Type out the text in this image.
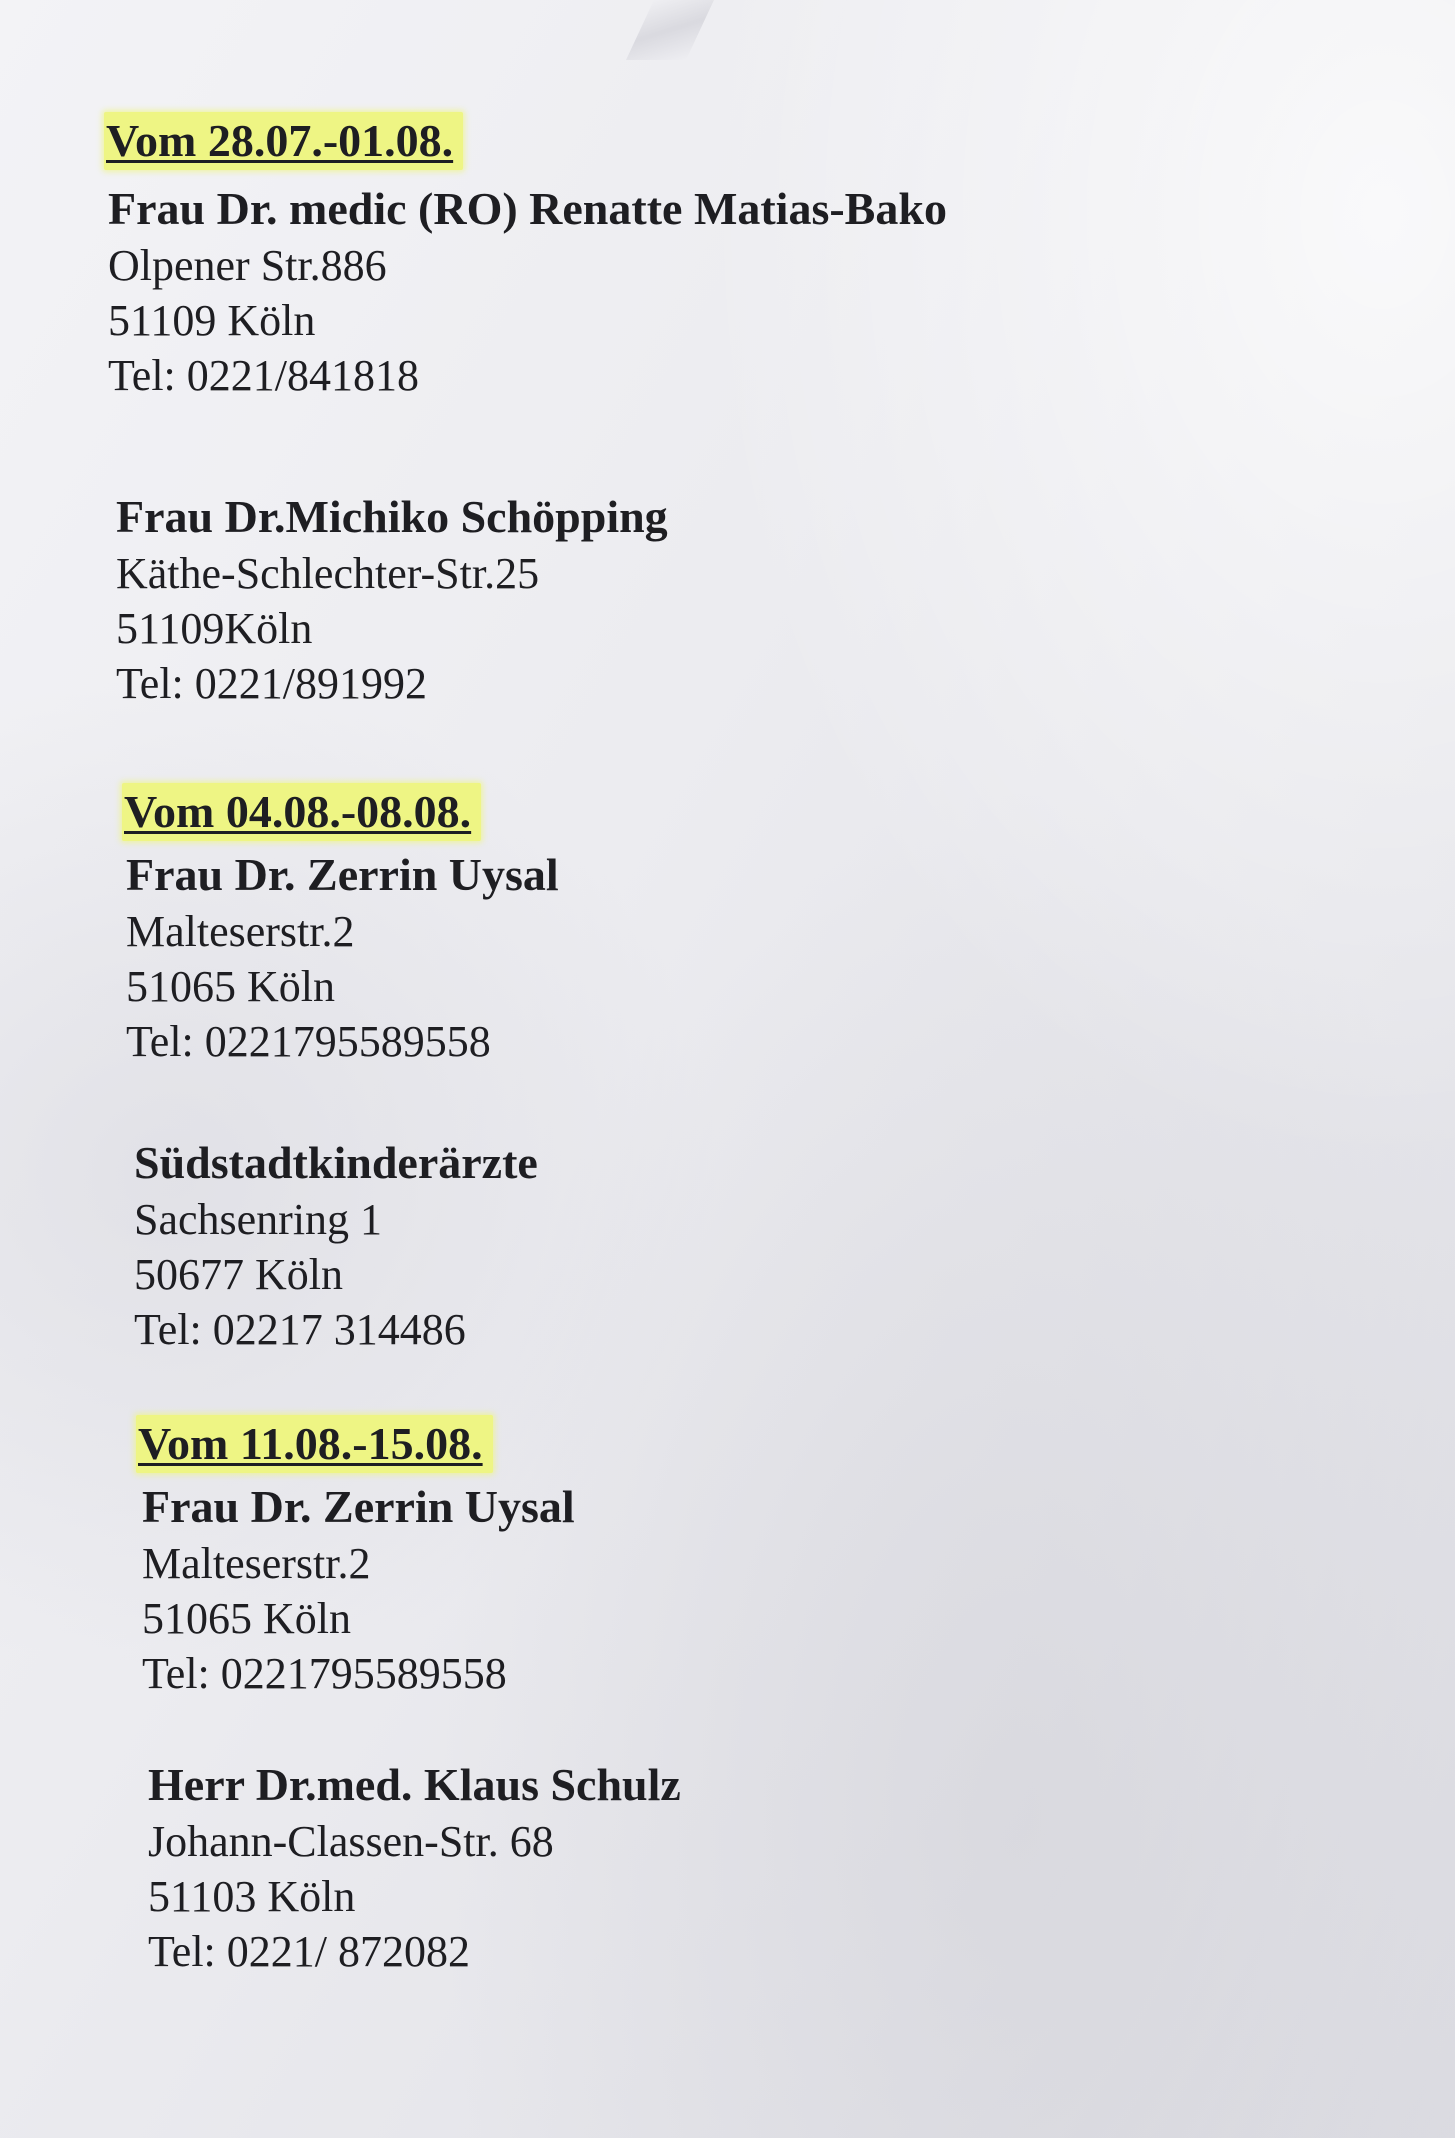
Vom 28.07.-01.08.
Frau Dr. medic (RO) Renatte Matias-Bako
Olpener Str.886
51109 Köln
Tel: 0221/841818
Frau Dr.Michiko Schöpping
Käthe-Schlechter-Str.25
51109Köln
Tel: 0221/891992
Vom 04.08.-08.08.
Frau Dr. Zerrin Uysal
Malteserstr.2
51065 Köln
Tel: 0221795589558
Südstadtkinderärzte
Sachsenring 1
50677 Köln
Tel: 02217 314486
Vom 11.08.-15.08.
Frau Dr. Zerrin Uysal
Malteserstr.2
51065 Köln
Tel: 0221795589558
Herr Dr.med. Klaus Schulz
Johann-Classen-Str. 68
51103 Köln
Tel: 0221/ 872082
